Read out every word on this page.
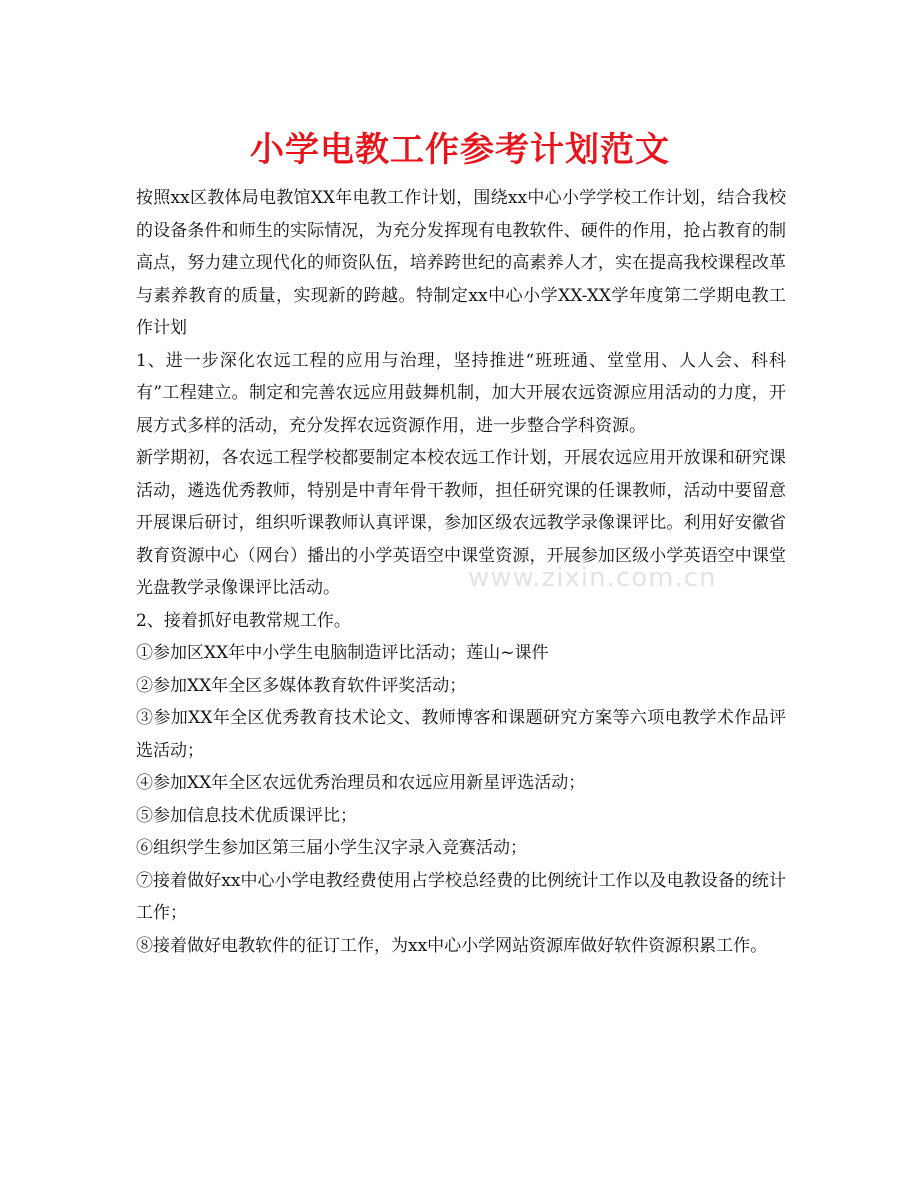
小学电教工作参考计划范文
www.zixin.com.cn

按照xx区教体局电教馆XX年电教工作计划，围绕xx中心小学学校工作计划，结合我校的设备条件和师生的实际情况，为充分发挥现有电教软件、硬件的作用，抢占教育的制高点，努力建立现代化的师资队伍，培养跨世纪的高素养人才，实在提高我校课程改革与素养教育的质量，实现新的跨越。特制定xx中心小学XX-XX学年度第二学期电教工作计划

1、进一步深化农远工程的应用与治理，坚持推进“班班通、堂堂用、人人会、科科有”工程建立。制定和完善农远应用鼓舞机制，加大开展农远资源应用活动的力度，开展方式多样的活动，充分发挥农远资源作用，进一步整合学科资源。

新学期初，各农远工程学校都要制定本校农远工作计划，开展农远应用开放课和研究课活动，遴选优秀教师，特别是中青年骨干教师，担任研究课的任课教师，活动中要留意开展课后研讨，组织听课教师认真评课，参加区级农远教学录像课评比。利用好安徽省教育资源中心（网台）播出的小学英语空中课堂资源，开展参加区级小学英语空中课堂光盘教学录像课评比活动。

2、接着抓好电教常规工作。

①参加区XX年中小学生电脑制造评比活动；莲山~课件

②参加XX年全区多媒体教育软件评奖活动；

③参加XX年全区优秀教育技术论文、教师博客和课题研究方案等六项电教学术作品评选活动；

④参加XX年全区农远优秀治理员和农远应用新星评选活动；

⑤参加信息技术优质课评比；

⑥组织学生参加区第三届小学生汉字录入竞赛活动；

⑦接着做好xx中心小学电教经费使用占学校总经费的比例统计工作以及电教设备的统计工作；

⑧接着做好电教软件的征订工作，为xx中心小学网站资源库做好软件资源积累工作。
